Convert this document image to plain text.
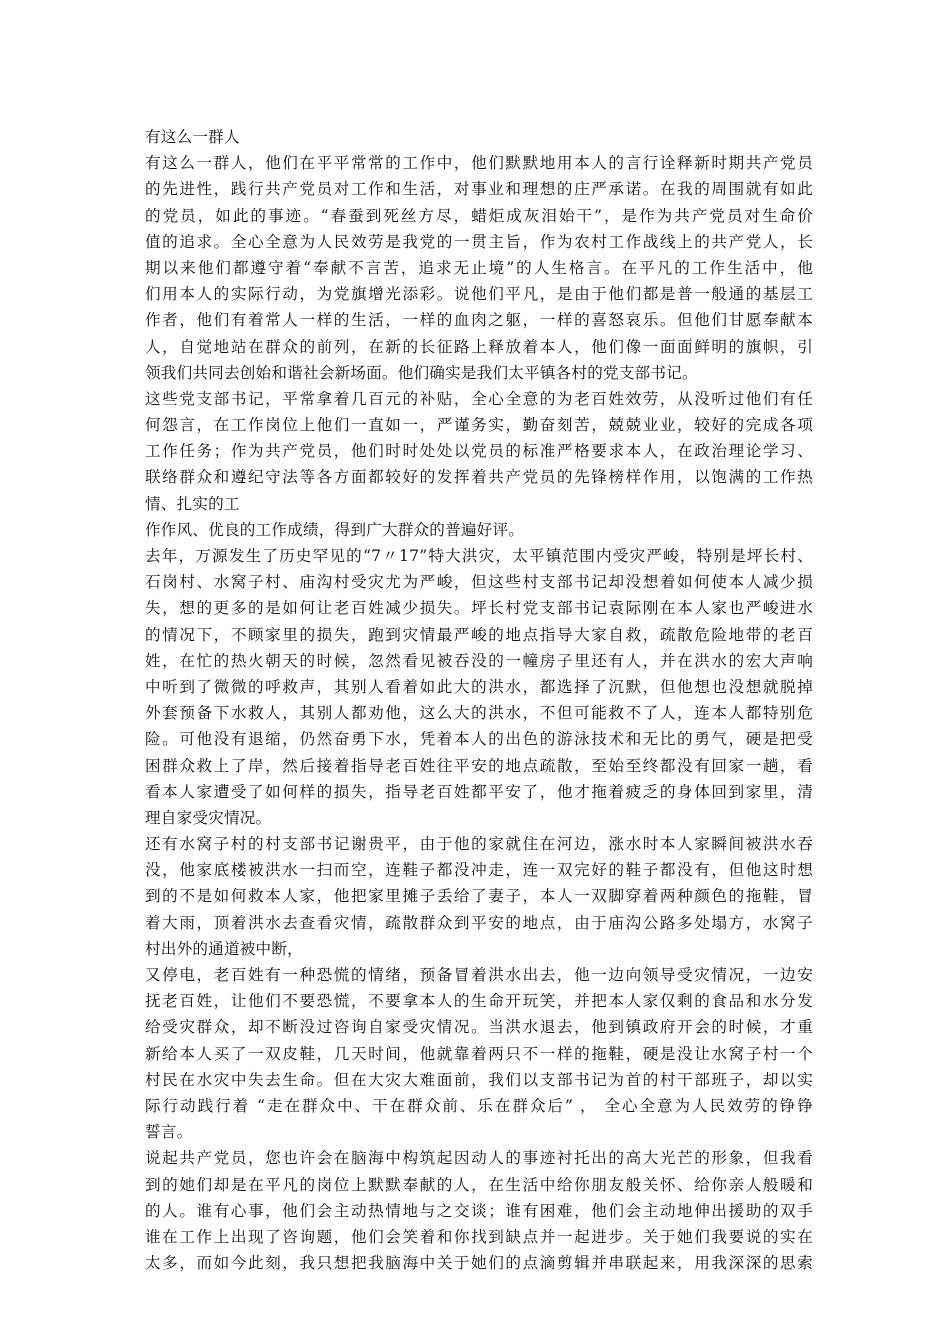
有这么一群人
有这么一群人，他们在平平常常的工作中，他们默默地用本人的言行诠释新时期共产党员
的先进性，践行共产党员对工作和生活，对事业和理想的庄严承诺。在我的周围就有如此
的党员，如此的事迹。“春蚕到死丝方尽，蜡炬成灰泪始干”，是作为共产党员对生命价
值的追求。全心全意为人民效劳是我党的一贯主旨，作为农村工作战线上的共产党人，长
期以来他们都遵守着“奉献不言苦，追求无止境”的人生格言。在平凡的工作生活中，他
们用本人的实际行动，为党旗增光添彩。说他们平凡，是由于他们都是普一般通的基层工
作者，他们有着常人一样的生活，一样的血肉之躯，一样的喜怒哀乐。但他们甘愿奉献本
人，自觉地站在群众的前列，在新的长征路上释放着本人，他们像一面面鲜明的旗帜，引
领我们共同去创始和谐社会新场面。他们确实是我们太平镇各村的党支部书记。
这些党支部书记，平常拿着几百元的补贴，全心全意的为老百姓效劳，从没听过他们有任
何怨言，在工作岗位上他们一直如一，严谨务实，勤奋刻苦，兢兢业业，较好的完成各项
工作任务；作为共产党员，他们时时处处以党员的标准严格要求本人，在政治理论学习、
联络群众和遵纪守法等各方面都较好的发挥着共产党员的先锋榜样作用，以饱满的工作热
情、扎实的工
作作风、优良的工作成绩，得到广大群众的普遍好评。
去年，万源发生了历史罕见的“7〃17”特大洪灾，太平镇范围内受灾严峻，特别是坪长村、
石岗村、水窝子村、庙沟村受灾尤为严峻，但这些村支部书记却没想着如何使本人减少损
失，想的更多的是如何让老百姓减少损失。坪长村党支部书记袁际刚在本人家也严峻进水
的情况下，不顾家里的损失，跑到灾情最严峻的地点指导大家自救，疏散危险地带的老百
姓，在忙的热火朝天的时候，忽然看见被吞没的一幢房子里还有人，并在洪水的宏大声响
中听到了微微的呼救声，其别人看着如此大的洪水，都选择了沉默，但他想也没想就脱掉
外套预备下水救人，其别人都劝他，这么大的洪水，不但可能救不了人，连本人都特别危
险。可他没有退缩，仍然奋勇下水，凭着本人的出色的游泳技术和无比的勇气，硬是把受
困群众救上了岸，然后接着指导老百姓往平安的地点疏散，至始至终都没有回家一趟，看
看本人家遭受了如何样的损失，指导老百姓都平安了，他才拖着疲乏的身体回到家里，清
理自家受灾情况。
还有水窝子村的村支部书记谢贵平，由于他的家就住在河边，涨水时本人家瞬间被洪水吞
没，他家底楼被洪水一扫而空，连鞋子都没冲走，连一双完好的鞋子都没有，但他这时想
到的不是如何救本人家，他把家里摊子丢给了妻子，本人一双脚穿着两种颜色的拖鞋，冒
着大雨，顶着洪水去查看灾情，疏散群众到平安的地点，由于庙沟公路多处塌方，水窝子
村出外的通道被中断，
又停电，老百姓有一种恐慌的情绪，预备冒着洪水出去，他一边向领导受灾情况，一边安
抚老百姓，让他们不要恐慌，不要拿本人的生命开玩笑，并把本人家仅剩的食品和水分发
给受灾群众，却不断没过咨询自家受灾情况。当洪水退去，他到镇政府开会的时候，才重
新给本人买了一双皮鞋，几天时间，他就靠着两只不一样的拖鞋，硬是没让水窝子村一个
村民在水灾中失去生命。但在大灾大难面前，我们以支部书记为首的村干部班子，却以实
际行动践行着 “走在群众中、干在群众前、乐在群众后” ， 全心全意为人民效劳的铮铮
誓言。
说起共产党员，您也许会在脑海中构筑起因动人的事迹衬托出的高大光芒的形象，但我看
到的她们却是在平凡的岗位上默默奉献的人，在生活中给你朋友般关怀、给你亲人般暖和
的人。谁有心事，他们会主动热情地与之交谈；谁有困难，他们会主动地伸出援助的双手
谁在工作上出现了咨询题，他们会笑着和你找到缺点并一起进步。关于她们我要说的实在
太多，而如今此刻，我只想把我脑海中关于她们的点滴剪辑并串联起来，用我深深的思索
